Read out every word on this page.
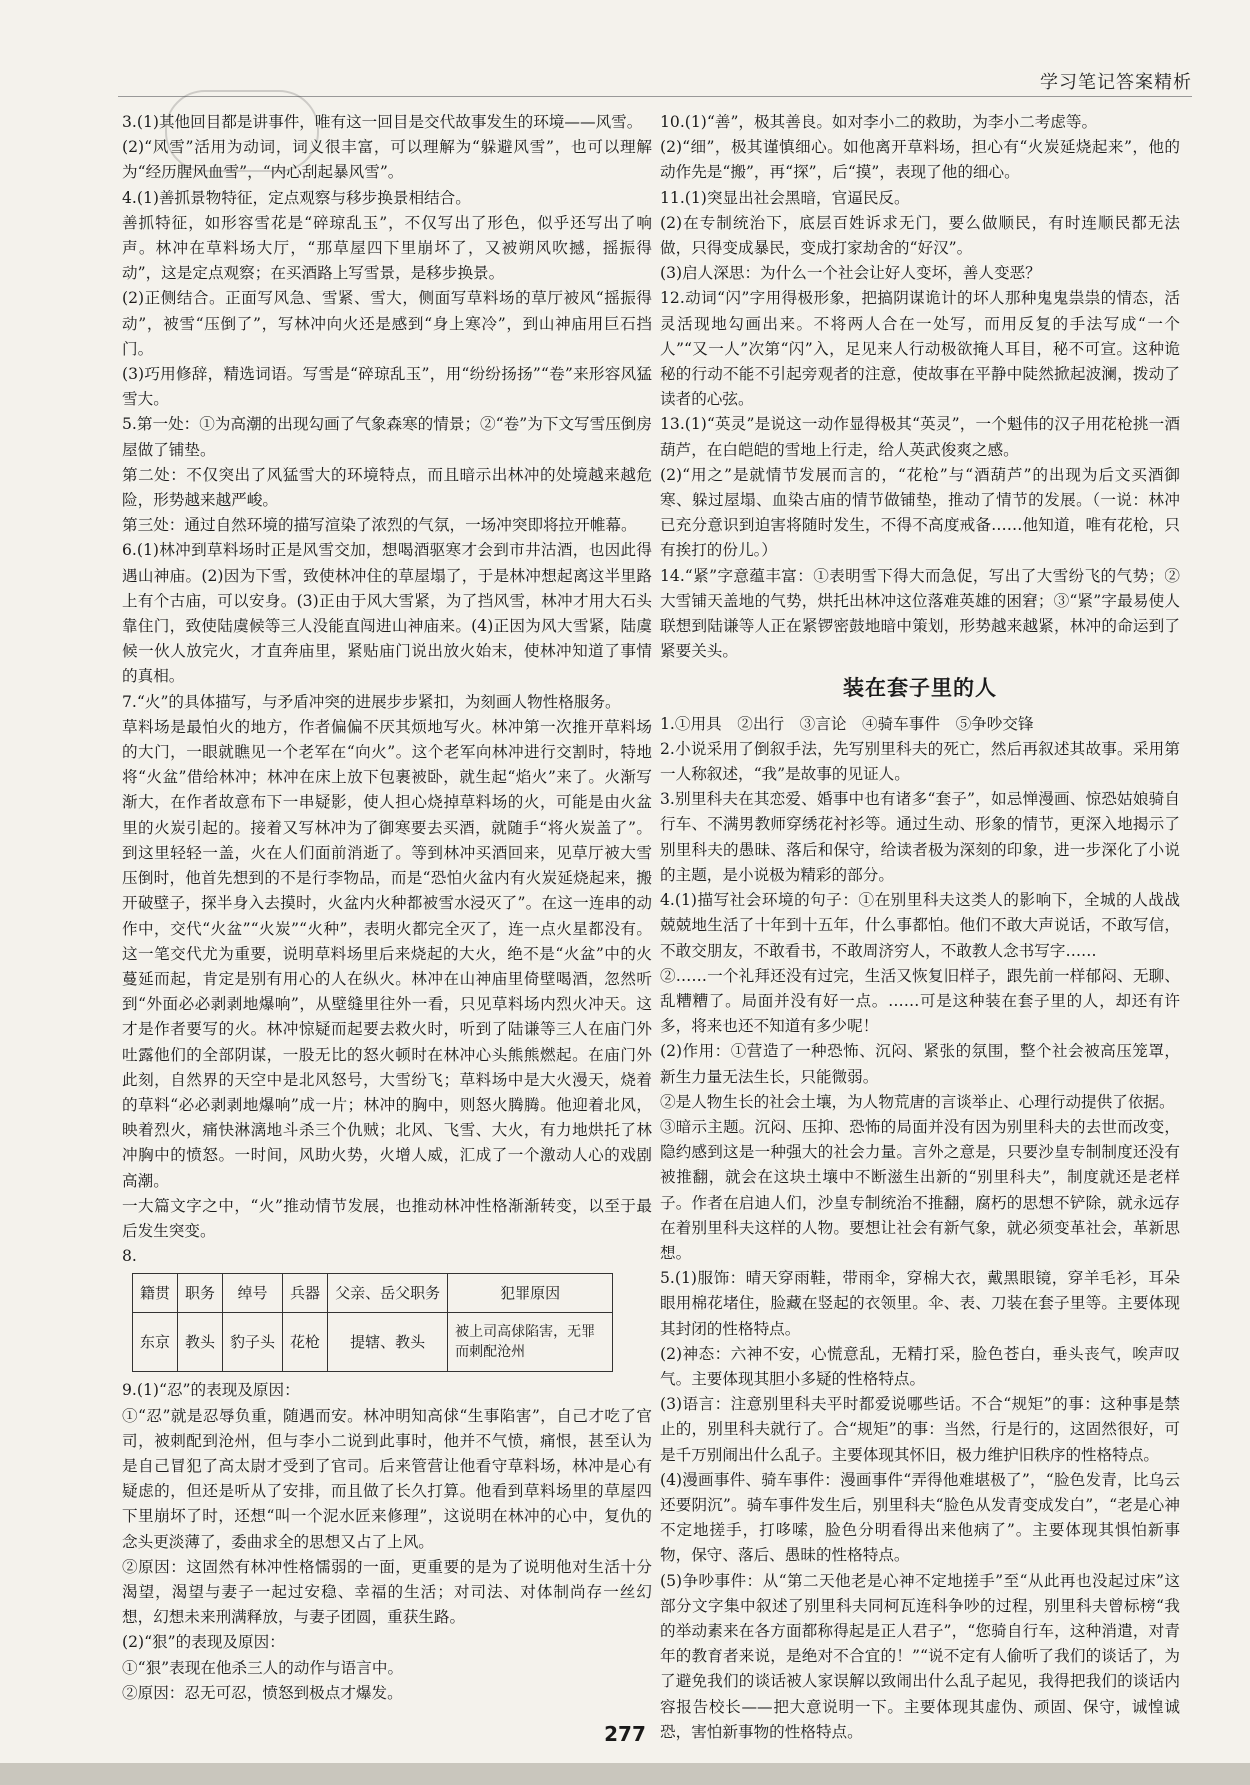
学习笔记答案精析

3.(1)其他回目都是讲事件，唯有这一回目是交代故事发生的环境——风雪。

(2)“风雪”活用为动词，词义很丰富，可以理解为“躲避风雪”，也可以理解为“经历腥风血雪”，“内心刮起暴风雪”。

4.(1)善抓景物特征，定点观察与移步换景相结合。

善抓特征，如形容雪花是“碎琼乱玉”，不仅写出了形色，似乎还写出了响声。林冲在草料场大厅，“那草屋四下里崩坏了，又被朔风吹撼，摇振得动”，这是定点观察；在买酒路上写雪景，是移步换景。

(2)正侧结合。正面写风急、雪紧、雪大，侧面写草料场的草厅被风“摇振得动”，被雪“压倒了”，写林冲向火还是感到“身上寒冷”，到山神庙用巨石挡门。

(3)巧用修辞，精选词语。写雪是“碎琼乱玉”，用“纷纷扬扬”“卷”来形容风猛雪大。

5.第一处：①为高潮的出现勾画了气象森寒的情景；②“卷”为下文写雪压倒房屋做了铺垫。

第二处：不仅突出了风猛雪大的环境特点，而且暗示出林冲的处境越来越危险，形势越来越严峻。

第三处：通过自然环境的描写渲染了浓烈的气氛，一场冲突即将拉开帷幕。

6.(1)林冲到草料场时正是风雪交加，想喝酒驱寒才会到市井沽酒，也因此得遇山神庙。(2)因为下雪，致使林冲住的草屋塌了，于是林冲想起离这半里路上有个古庙，可以安身。(3)正由于风大雪紧，为了挡风雪，林冲才用大石头靠住门，致使陆虞候等三人没能直闯进山神庙来。(4)正因为风大雪紧，陆虞候一伙人放完火，才直奔庙里，紧贴庙门说出放火始末，使林冲知道了事情的真相。

7.“火”的具体描写，与矛盾冲突的进展步步紧扣，为刻画人物性格服务。

草料场是最怕火的地方，作者偏偏不厌其烦地写火。林冲第一次推开草料场的大门，一眼就瞧见一个老军在“向火”。这个老军向林冲进行交割时，特地将“火盆”借给林冲；林冲在床上放下包裹被卧，就生起“焰火”来了。火渐写渐大，在作者故意布下一串疑影，使人担心烧掉草料场的火，可能是由火盆里的火炭引起的。接着又写林冲为了御寒要去买酒，就随手“将火炭盖了”。到这里轻轻一盖，火在人们面前消逝了。等到林冲买酒回来，见草厅被大雪压倒时，他首先想到的不是行李物品，而是“恐怕火盆内有火炭延烧起来，搬开破壁子，探半身入去摸时，火盆内火种都被雪水浸灭了”。在这一连串的动作中，交代“火盆”“火炭”“火种”，表明火都完全灭了，连一点火星都没有。这一笔交代尤为重要，说明草料场里后来烧起的大火，绝不是“火盆”中的火蔓延而起，肯定是别有用心的人在纵火。林冲在山神庙里倚壁喝酒，忽然听到“外面必必剥剥地爆响”，从壁缝里往外一看，只见草料场内烈火冲天。这才是作者要写的火。林冲惊疑而起要去救火时，听到了陆谦等三人在庙门外吐露他们的全部阴谋，一股无比的怒火顿时在林冲心头熊熊燃起。在庙门外此刻，自然界的天空中是北风怒号，大雪纷飞；草料场中是大火漫天，烧着的草料“必必剥剥地爆响”成一片；林冲的胸中，则怒火腾腾。他迎着北风，映着烈火，痛快淋漓地斗杀三个仇贼；北风、飞雪、大火，有力地烘托了林冲胸中的愤怒。一时间，风助火势，火增人威，汇成了一个激动人心的戏剧高潮。

一大篇文字之中，“火”推动情节发展，也推动林冲性格渐渐转变，以至于最后发生突变。

8.

籍贯	职务	绰号	兵器	父亲、岳父职务	犯罪原因
东京	教头	豹子头	花枪	提辖、教头	被上司高俅陷害，无罪而刺配沧州

9.(1)“忍”的表现及原因：

①“忍”就是忍辱负重，随遇而安。林冲明知高俅“生事陷害”，自己才吃了官司，被刺配到沧州，但与李小二说到此事时，他并不气愤，痛恨，甚至认为是自己冒犯了高太尉才受到了官司。后来管营让他看守草料场，林冲是心有疑虑的，但还是听从了安排，而且做了长久打算。他看到草料场里的草屋四下里崩坏了时，还想“叫一个泥水匠来修理”，这说明在林冲的心中，复仇的念头更淡薄了，委曲求全的思想又占了上风。

②原因：这固然有林冲性格懦弱的一面，更重要的是为了说明他对生活十分渴望，渴望与妻子一起过安稳、幸福的生活；对司法、对体制尚存一丝幻想，幻想未来刑满释放，与妻子团圆，重获生路。

(2)“狠”的表现及原因：

①“狠”表现在他杀三人的动作与语言中。

②原因：忍无可忍，愤怒到极点才爆发。

10.(1)“善”，极其善良。如对李小二的救助，为李小二考虑等。

(2)“细”，极其谨慎细心。如他离开草料场，担心有“火炭延烧起来”，他的动作先是“搬”，再“探”，后“摸”，表现了他的细心。

11.(1)突显出社会黑暗，官逼民反。

(2)在专制统治下，底层百姓诉求无门，要么做顺民，有时连顺民都无法做，只得变成暴民，变成打家劫舍的“好汉”。

(3)启人深思：为什么一个社会让好人变坏，善人变恶？

12.动词“闪”字用得极形象，把搞阴谋诡计的坏人那种鬼鬼祟祟的情态，活灵活现地勾画出来。不将两人合在一处写，而用反复的手法写成“一个人”“又一人”次第“闪”入，足见来人行动极欲掩人耳目，秘不可宣。这种诡秘的行动不能不引起旁观者的注意，使故事在平静中陡然掀起波澜，拨动了读者的心弦。

13.(1)“英灵”是说这一动作显得极其“英灵”，一个魁伟的汉子用花枪挑一酒葫芦，在白皑皑的雪地上行走，给人英武俊爽之感。

(2)“用之”是就情节发展而言的，“花枪”与“酒葫芦”的出现为后文买酒御寒、躲过屋塌、血染古庙的情节做铺垫，推动了情节的发展。（一说：林冲已充分意识到迫害将随时发生，不得不高度戒备……他知道，唯有花枪，只有挨打的份儿。）

14.“紧”字意蕴丰富：①表明雪下得大而急促，写出了大雪纷飞的气势；②大雪铺天盖地的气势，烘托出林冲这位落难英雄的困窘；③“紧”字最易使人联想到陆谦等人正在紧锣密鼓地暗中策划，形势越来越紧，林冲的命运到了紧要关头。

装在套子里的人

1.①用具　②出行　③言论　④骑车事件　⑤争吵交锋

2.小说采用了倒叙手法，先写别里科夫的死亡，然后再叙述其故事。采用第一人称叙述，“我”是故事的见证人。

3.别里科夫在其恋爱、婚事中也有诸多“套子”，如忌惮漫画、惊恐姑娘骑自行车、不满男教师穿绣花衬衫等。通过生动、形象的情节，更深入地揭示了别里科夫的愚昧、落后和保守，给读者极为深刻的印象，进一步深化了小说的主题，是小说极为精彩的部分。

4.(1)描写社会环境的句子：①在别里科夫这类人的影响下，全城的人战战兢兢地生活了十年到十五年，什么事都怕。他们不敢大声说话，不敢写信，不敢交朋友，不敢看书，不敢周济穷人，不敢教人念书写字……

②……一个礼拜还没有过完，生活又恢复旧样子，跟先前一样郁闷、无聊、乱糟糟了。局面并没有好一点。……可是这种装在套子里的人，却还有许多，将来也还不知道有多少呢！

(2)作用：①营造了一种恐怖、沉闷、紧张的氛围，整个社会被高压笼罩，新生力量无法生长，只能微弱。

②是人物生长的社会土壤，为人物荒唐的言谈举止、心理行动提供了依据。

③暗示主题。沉闷、压抑、恐怖的局面并没有因为别里科夫的去世而改变，隐约感到这是一种强大的社会力量。言外之意是，只要沙皇专制制度还没有被推翻，就会在这块土壤中不断滋生出新的“别里科夫”，制度就还是老样子。作者在启迪人们，沙皇专制统治不推翻，腐朽的思想不铲除，就永远存在着别里科夫这样的人物。要想让社会有新气象，就必须变革社会，革新思想。

5.(1)服饰：晴天穿雨鞋，带雨伞，穿棉大衣，戴黑眼镜，穿羊毛衫，耳朵眼用棉花堵住，脸藏在竖起的衣领里。伞、表、刀装在套子里等。主要体现其封闭的性格特点。

(2)神态：六神不安，心慌意乱，无精打采，脸色苍白，垂头丧气，唉声叹气。主要体现其胆小多疑的性格特点。

(3)语言：注意别里科夫平时都爱说哪些话。不合“规矩”的事：这种事是禁止的，别里科夫就行了。合“规矩”的事：当然，行是行的，这固然很好，可是千万别闹出什么乱子。主要体现其怀旧，极力维护旧秩序的性格特点。

(4)漫画事件、骑车事件：漫画事件“弄得他难堪极了”，“脸色发青，比乌云还要阴沉”。骑车事件发生后，别里科夫“脸色从发青变成发白”，“老是心神不定地搓手，打哆嗦，脸色分明看得出来他病了”。主要体现其惧怕新事物，保守、落后、愚昧的性格特点。

(5)争吵事件：从“第二天他老是心神不定地搓手”至“从此再也没起过床”这部分文字集中叙述了别里科夫同柯瓦连科争吵的过程，别里科夫曾标榜“我的举动素来在各方面都称得起是正人君子”，“您骑自行车，这种消遣，对青年的教育者来说，是绝对不合宜的！”“说不定有人偷听了我们的谈话了，为了避免我们的谈话被人家误解以致闹出什么乱子起见，我得把我们的谈话内容报告校长——把大意说明一下。主要体现其虚伪、顽固、保守，诚惶诚恐，害怕新事物的性格特点。

277
